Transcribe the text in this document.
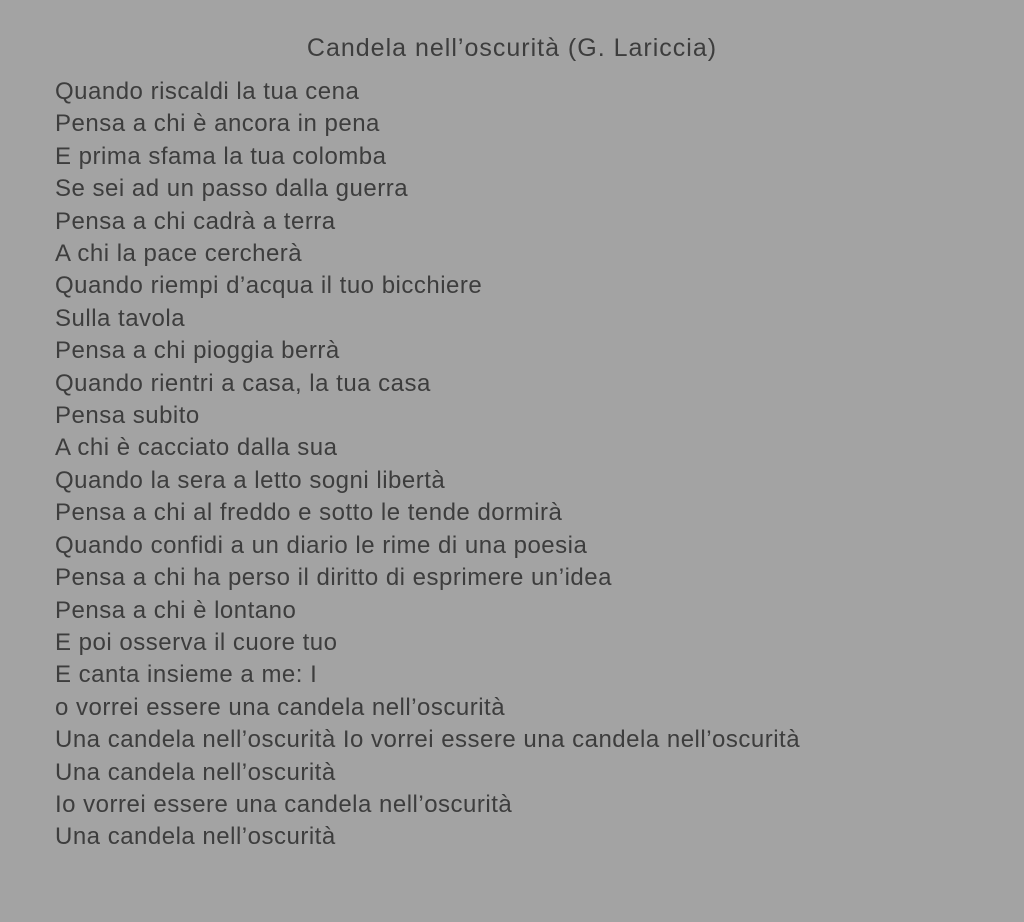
Candela nell’oscurità (G. Lariccia)

Quando riscaldi la tua cena

Pensa a chi è ancora in pena

E prima sfama la tua colomba

Se sei ad un passo dalla guerra

Pensa a chi cadrà a terra

A chi la pace cercherà

Quando riempi d’acqua il tuo bicchiere

Sulla tavola

Pensa a chi pioggia berrà

Quando rientri a casa, la tua casa

Pensa subito

A chi è cacciato dalla sua

Quando la sera a letto sogni libertà

Pensa a chi al freddo e sotto le tende dormirà

Quando confidi a un diario le rime di una poesia

Pensa a chi ha perso il diritto di esprimere un’idea

Pensa a chi è lontano

E poi osserva il cuore tuo

E canta insieme a me: I

o vorrei essere una candela nell’oscurità

Una candela nell’oscurità Io vorrei essere una candela nell’oscurità

Una candela nell’oscurità

Io vorrei essere una candela nell’oscurità

Una candela nell’oscurità
